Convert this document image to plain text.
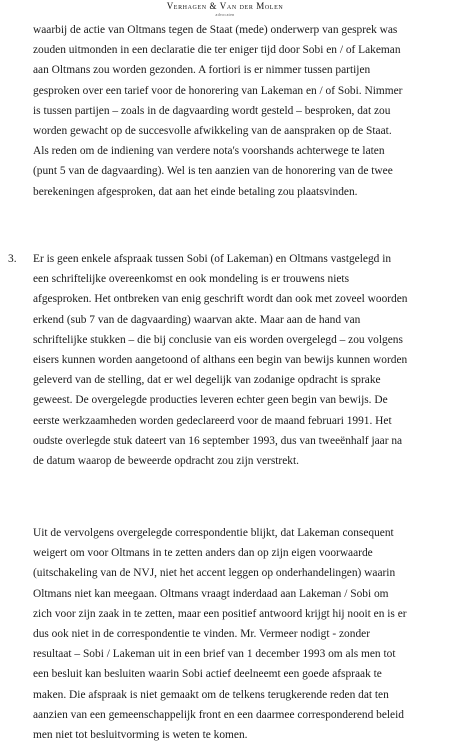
Verhagen & Van der Molen
advocaten

waarbij de actie van Oltmans tegen de Staat (mede) onderwerp van gesprek was
zouden uitmonden in een declaratie die ter eniger tijd door Sobi en / of Lakeman
aan Oltmans zou worden gezonden. A fortiori is er nimmer tussen partijen
gesproken over een tarief voor de honorering van Lakeman en / of Sobi. Nimmer
is tussen partijen – zoals in de dagvaarding wordt gesteld – besproken, dat zou
worden gewacht op de succesvolle afwikkeling van de aanspraken op de Staat.
Als reden om de indiening van verdere nota's voorshands achterwege te laten
(punt 5 van de dagvaarding). Wel is ten aanzien van de honorering van de twee
berekeningen afgesproken, dat aan het einde betaling zou plaatsvinden.

3. Er is geen enkele afspraak tussen Sobi (of Lakeman) en Oltmans vastgelegd in
een schriftelijke overeenkomst en ook mondeling is er trouwens niets
afgesproken. Het ontbreken van enig geschrift wordt dan ook met zoveel woorden
erkend (sub 7 van de dagvaarding) waarvan akte. Maar aan de hand van
schriftelijke stukken – die bij conclusie van eis worden overgelegd – zou volgens
eisers kunnen worden aangetoond of althans een begin van bewijs kunnen worden
geleverd van de stelling, dat er wel degelijk van zodanige opdracht is sprake
geweest. De overgelegde producties leveren echter geen begin van bewijs. De
eerste werkzaamheden worden gedeclareerd voor de maand februari 1991. Het
oudste overlegde stuk dateert van 16 september 1993, dus van tweeënhalf jaar na
de datum waarop de beweerde opdracht zou zijn verstrekt.

Uit de vervolgens overgelegde correspondentie blijkt, dat Lakeman consequent
weigert om voor Oltmans in te zetten anders dan op zijn eigen voorwaarde
(uitschakeling van de NVJ, niet het accent leggen op onderhandelingen) waarin
Oltmans niet kan meegaan. Oltmans vraagt inderdaad aan Lakeman / Sobi om
zich voor zijn zaak in te zetten, maar een positief antwoord krijgt hij nooit en is er
dus ook niet in de correspondentie te vinden. Mr. Vermeer nodigt - zonder
resultaat – Sobi / Lakeman uit in een brief van 1 december 1993 om als men tot
een besluit kan besluiten waarin Sobi actief deelneemt een goede afspraak te
maken. Die afspraak is niet gemaakt om de telkens terugkerende reden dat ten
aanzien van een gemeenschappelijk front en een daarmee corresponderend beleid
men niet tot besluitvorming is weten te komen.
